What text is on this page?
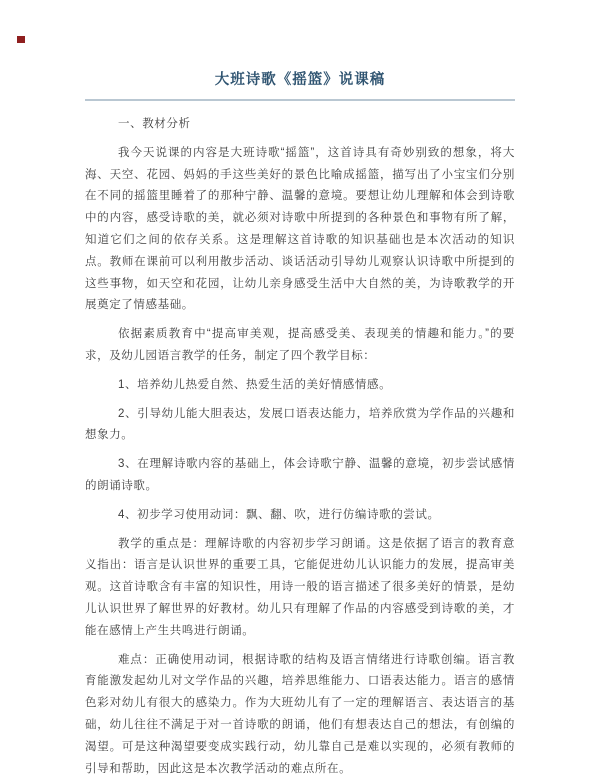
大班诗歌《摇篮》说课稿
一、教材分析

我今天说课的内容是大班诗歌“摇篮”，这首诗具有奇妙别致的想象，将大海、天空、花园、妈妈的手这些美好的景色比喻成摇篮，描写出了小宝宝们分别在不同的摇篮里睡着了的那种宁静、温馨的意境。要想让幼儿理解和体会到诗歌中的内容，感受诗歌的美，就必须对诗歌中所提到的各种景色和事物有所了解，知道它们之间的依存关系。这是理解这首诗歌的知识基础也是本次活动的知识点。教师在课前可以利用散步活动、谈话活动引导幼儿观察认识诗歌中所提到的这些事物，如天空和花园，让幼儿亲身感受生活中大自然的美，为诗歌教学的开展奠定了情感基础。

依据素质教育中“提高审美观，提高感受美、表现美的情趣和能力。”的要求，及幼儿园语言教学的任务，制定了四个教学目标：

1、培养幼儿热爱自然、热爱生活的美好情感情感。

2、引导幼儿能大胆表达，发展口语表达能力，培养欣赏为学作品的兴趣和想象力。

3、在理解诗歌内容的基础上，体会诗歌宁静、温馨的意境，初步尝试感情的朗诵诗歌。

4、初步学习使用动词：飘、翻、吹，进行仿编诗歌的尝试。

教学的重点是：理解诗歌的内容初步学习朗诵。这是依据了语言的教育意义指出：语言是认识世界的重要工具，它能促进幼儿认识能力的发展，提高审美观。这首诗歌含有丰富的知识性，用诗一般的语言描述了很多美好的情景，是幼儿认识世界了解世界的好教材。幼儿只有理解了作品的内容感受到诗歌的美，才能在感情上产生共鸣进行朗诵。

难点：正确使用动词，根据诗歌的结构及语言情绪进行诗歌创编。语言教育能激发起幼儿对文学作品的兴趣，培养思维能力、口语表达能力。语言的感情色彩对幼儿有很大的感染力。作为大班幼儿有了一定的理解语言、表达语言的基础，幼儿往往不满足于对一首诗歌的朗诵，他们有想表达自己的想法，有创编的渴望。可是这种渴望要变成实践行动，幼儿靠自己是难以实现的，必须有教师的引导和帮助，因此这是本次教学活动的难点所在。
